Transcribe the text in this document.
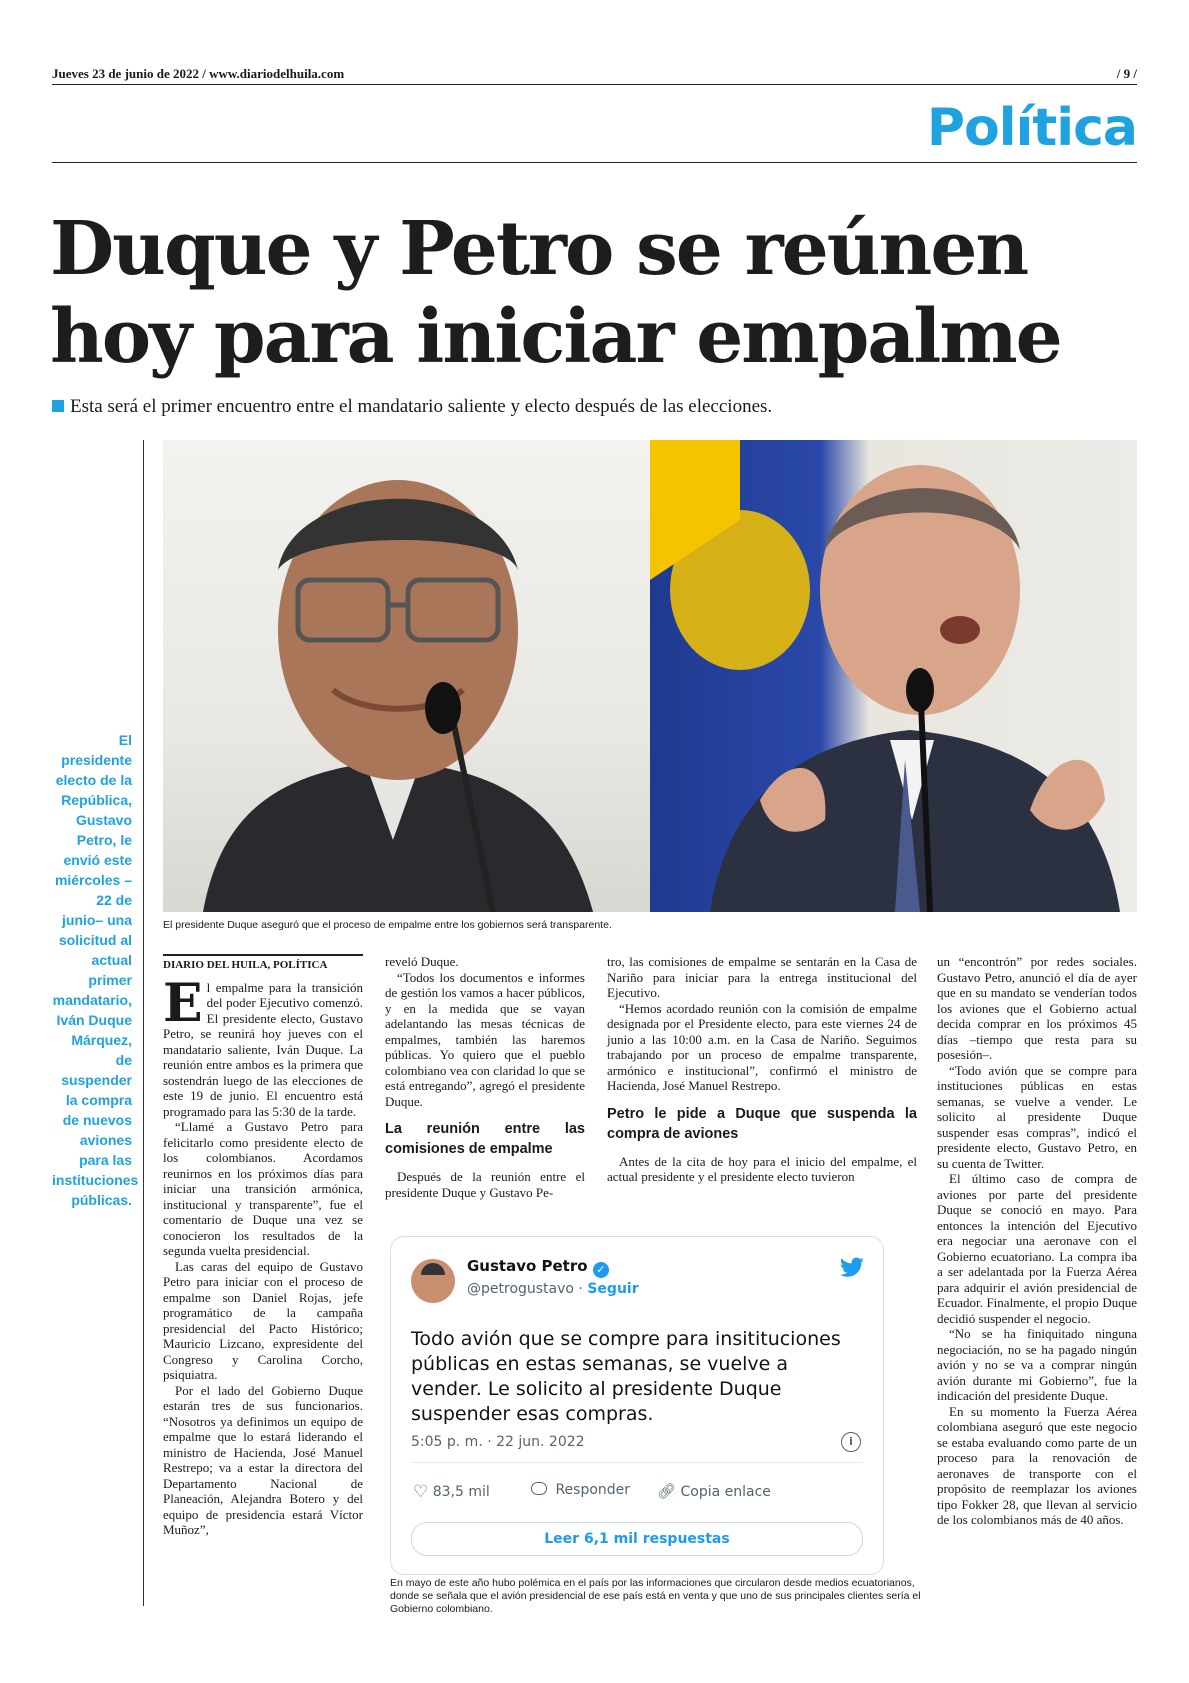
Jueves 23 de junio de 2022 / www.diariodelhuila.com	/ 9 /
Política
Duque y Petro se reúnen
hoy para iniciar empalme
Esta será el primer encuentro entre el mandatario saliente y electo después de las elecciones.
El presidente electo de la República, Gustavo Petro, le envió este miércoles –22 de junio– una solicitud al actual primer mandatario, Iván Duque Márquez, de suspender la compra de nuevos aviones para las instituciones públicas.
El presidente Duque aseguró que el proceso de empalme entre los gobiernos será transparente.
DIARIO DEL HUILA, POLÍTICA
E l empalme para la transición del poder Ejecutivo comenzó. El presidente electo, Gustavo Petro, se reunirá hoy jueves con el mandatario saliente, Iván Duque. La reunión entre ambos es la primera que sostendrán luego de las elecciones de este 19 de junio. El encuentro está programado para las 5:30 de la tarde.

“Llamé a Gustavo Petro para felicitarlo como presidente electo de los colombianos. Acordamos reunirnos en los próximos días para iniciar una transición armónica, institucional y transparente”, fue el comentario de Duque una vez se conocieron los resultados de la segunda vuelta presidencial.

Las caras del equipo de Gustavo Petro para iniciar con el proceso de empalme son Daniel Rojas, jefe programático de la campaña presidencial del Pacto Histórico; Mauricio Lizcano, expresidente del Congreso y Carolina Corcho, psiquiatra.

Por el lado del Gobierno Duque estarán tres de sus funcionarios. “Nosotros ya definimos un equipo de empalme que lo estará liderando el ministro de Hacienda, José Manuel Restrepo; va a estar la directora del Departamento Nacional de Planeación, Alejandra Botero y del equipo de presidencia estará Víctor Muñoz”,

reveló Duque.

“Todos los documentos e informes de gestión los vamos a hacer públicos, y en la medida que se vayan adelantando las mesas técnicas de empalmes, también las haremos públicas. Yo quiero que el pueblo colombiano vea con claridad lo que se está entregando”, agregó el presidente Duque.

La reunión entre las comisiones de empalme

Después de la reunión entre el presidente Duque y Gustavo Pe-

tro, las comisiones de empalme se sentarán en la Casa de Nariño para iniciar para la entrega institucional del Ejecutivo.

“Hemos acordado reunión con la comisión de empalme designada por el Presidente electo, para este viernes 24 de junio a las 10:00 a.m. en la Casa de Nariño. Seguimos trabajando por un proceso de empalme transparente, armónico e institucional”, confirmó el ministro de Hacienda, José Manuel Restrepo.

Petro le pide a Duque que suspenda la compra de aviones

Antes de la cita de hoy para el inicio del empalme, el actual presidente y el presidente electo tuvieron

un “encontrón” por redes sociales. Gustavo Petro, anunció el día de ayer que en su mandato se venderían todos los aviones que el Gobierno actual decida comprar en los próximos 45 días –tiempo que resta para su posesión–.

“Todo avión que se compre para instituciones públicas en estas semanas, se vuelve a vender. Le solicito al presidente Duque suspender esas compras”, indicó el presidente electo, Gustavo Petro, en su cuenta de Twitter.

El último caso de compra de aviones por parte del presidente Duque se conoció en mayo. Para entonces la intención del Ejecutivo era negociar una aeronave con el Gobierno ecuatoriano. La compra iba a ser adelantada por la Fuerza Aérea para adquirir el avión presidencial de Ecuador. Finalmente, el propio Duque decidió suspender el negocio.

“No se ha finiquitado ninguna negociación, no se ha pagado ningún avión y no se va a comprar ningún avión durante mi Gobierno”, fue la indicación del presidente Duque.

En su momento la Fuerza Aérea colombiana aseguró que este negocio se estaba evaluando como parte de un proceso para la renovación de aeronaves de transporte con el propósito de reemplazar los aviones tipo Fokker 28, que llevan al servicio de los colombianos más de 40 años.

Gustavo Petro ✓
@petrogustavo · Seguir
Todo avión que se compre para insitituciones públicas en estas semanas, se vuelve a vender. Le solicito al presidente Duque suspender esas compras.
5:05 p. m. · 22 jun. 2022	i
♡ 83,5 mil	Responder 🔗︎ Copia enlace
Leer 6,1 mil respuestas
En mayo de este año hubo polémica en el país por las informaciones que circularon desde medios ecuatorianos, donde se señala que el avión presidencial de ese país está en venta y que uno de sus principales clientes sería el Gobierno colombiano.
